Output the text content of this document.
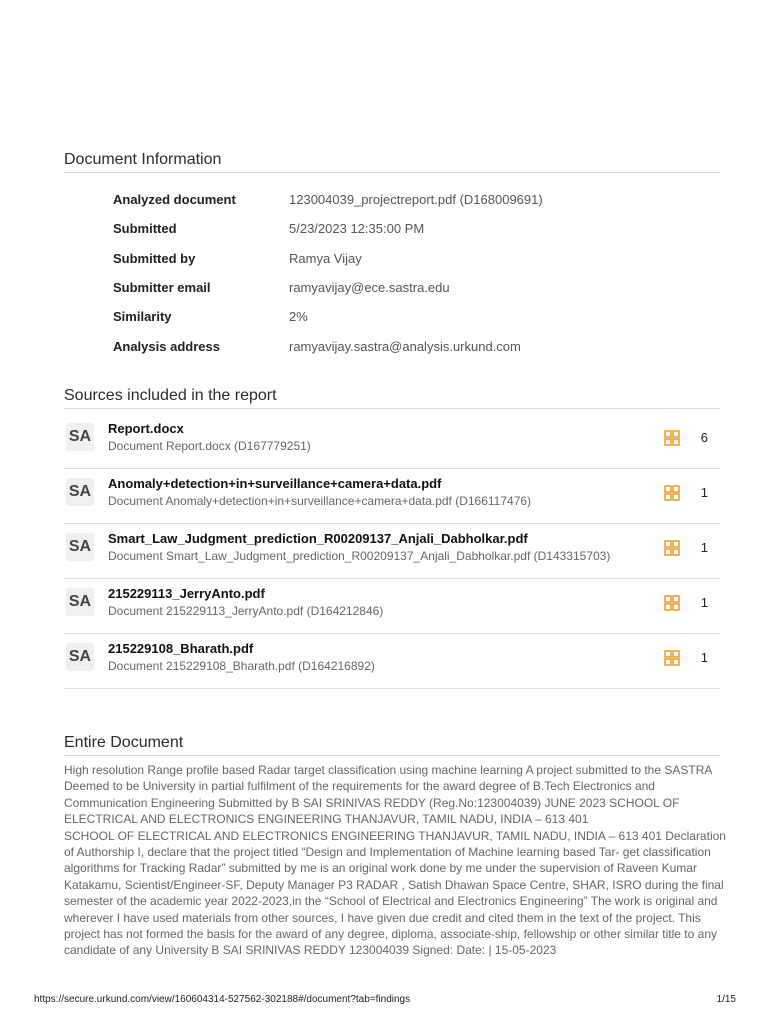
Document Information
Analyzed document	123004039_projectreport.pdf (D168009691)
Submitted	5/23/2023 12:35:00 PM
Submitted by	Ramya Vijay
Submitter email	ramyavijay@ece.sastra.edu
Similarity	2%
Analysis address	ramyavijay.sastra@analysis.urkund.com
Sources included in the report
SA Report.docx
Document Report.docx (D167779251)
6
SA Anomaly+detection+in+surveillance+camera+data.pdf
Document Anomaly+detection+in+surveillance+camera+data.pdf (D166117476)
1
SA Smart_Law_Judgment_prediction_R00209137_Anjali_Dabholkar.pdf
Document Smart_Law_Judgment_prediction_R00209137_Anjali_Dabholkar.pdf (D143315703)
1
SA 215229113_JerryAnto.pdf
Document 215229113_JerryAnto.pdf (D164212846)
1
SA 215229108_Bharath.pdf
Document 215229108_Bharath.pdf (D164216892)
1
Entire Document
High resolution Range profile based Radar target classification using machine learning A project submitted to the SASTRA Deemed to be University in partial fulfilment of the requirements for the award degree of B.Tech Electronics and Communication Engineering Submitted by B SAI SRINIVAS REDDY (Reg.No:123004039) JUNE 2023 SCHOOL OF ELECTRICAL AND ELECTRONICS ENGINEERING THANJAVUR, TAMIL NADU, INDIA – 613 401
SCHOOL OF ELECTRICAL AND ELECTRONICS ENGINEERING THANJAVUR, TAMIL NADU, INDIA – 613 401 Declaration of Authorship I, declare that the project titled “Design and Implementation of Machine learning based Tar- get classification algorithms for Tracking Radar” submitted by me is an original work done by me under the supervision of Raveen Kumar Katakamu, Scientist/Engineer-SF, Deputy Manager P3 RADAR , Satish Dhawan Space Centre, SHAR, ISRO during the final semester of the academic year 2022-2023,in the “School of Electrical and Electronics Engineering” The work is original and wherever I have used materials from other sources, I have given due credit and cited them in the text of the project. This project has not formed the basis for the award of any degree, diploma, associate-ship, fellowship or other similar title to any candidate of any University B SAI SRINIVAS REDDY 123004039 Signed: Date: | 15-05-2023
https://secure.urkund.com/view/160604314-527562-302188#/document?tab=findings	1/15
